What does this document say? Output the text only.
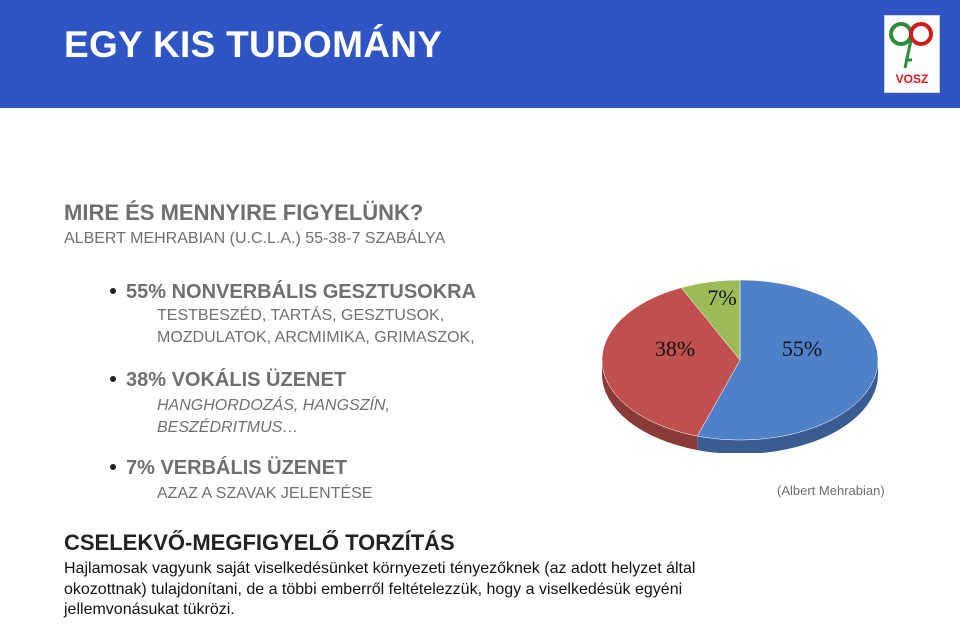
EGY KIS TUDOMÁNY
VOSZ
MIRE ÉS MENNYIRE FIGYELÜNK?
ALBERT MEHRABIAN (U.C.L.A.) 55-38-7 SZABÁLYA
55% NONVERBÁLIS GESZTUSOKRA
TESTBESZÉD, TARTÁS, GESZTUSOK,
MOZDULATOK, ARCMIMIKA, GRIMASZOK,
38% VOKÁLIS ÜZENET
HANGHORDOZÁS, HANGSZÍN,
BESZÉDRITMUS…
7% VERBÁLIS ÜZENET
AZAZ A SZAVAK JELENTÉSE
55%
38%
7%
(Albert Mehrabian)
CSELEKVŐ-MEGFIGYELŐ TORZÍTÁS
Hajlamosak vagyunk saját viselkedésünket környezeti tényezőknek (az adott helyzet által
okozottnak) tulajdonítani, de a többi emberről feltételezzük, hogy a viselkedésük egyéni
jellemvonásukat tükrözi.
